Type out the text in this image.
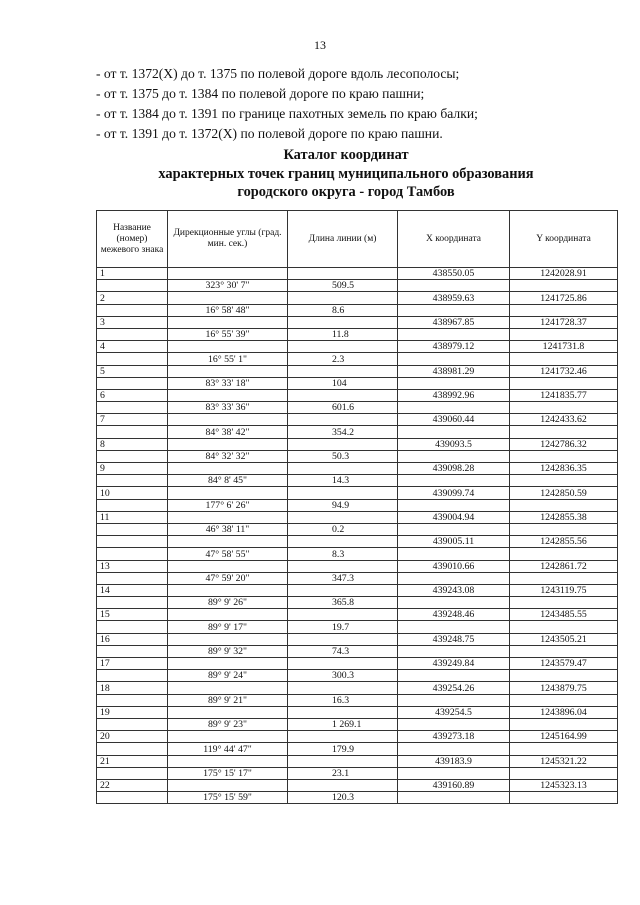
13
- от т. 1372(Х) до т. 1375 по полевой дороге вдоль лесополосы;
- от т. 1375 до т. 1384 по полевой дороге по краю пашни;
- от т. 1384 до т. 1391 по границе пахотных земель по краю балки;
- от т. 1391 до т. 1372(Х) по полевой дороге по краю пашни.
Каталог координат
характерных точек границ муниципального образования
городского округа - город Тамбов
Название (номер) межевого знака	Дирекционные углы (град. мин. сек.)	Длина линии (м)	X координата	Y координата
1			438550.05	1242028.91
	323° 30' 7"	509.5		
2			438959.63	1241725.86
	16° 58' 48"	8.6		
3			438967.85	1241728.37
	16° 55' 39"	11.8		
4			438979.12	1241731.8
	16° 55' 1"	2.3		
5			438981.29	1241732.46
	83° 33' 18"	104		
6			438992.96	1241835.77
	83° 33' 36"	601.6		
7			439060.44	1242433.62
	84° 38' 42"	354.2		
8			439093.5	1242786.32
	84° 32' 32"	50.3		
9			439098.28	1242836.35
	84° 8' 45"	14.3		
10			439099.74	1242850.59
	177° 6' 26"	94.9		
11			439004.94	1242855.38
	46° 38' 11"	0.2		
			439005.11	1242855.56
	47° 58' 55"	8.3		
13			439010.66	1242861.72
	47° 59' 20"	347.3		
14			439243.08	1243119.75
	89° 9' 26"	365.8		
15			439248.46	1243485.55
	89° 9' 17"	19.7		
16			439248.75	1243505.21
	89° 9' 32"	74.3		
17			439249.84	1243579.47
	89° 9' 24"	300.3		
18			439254.26	1243879.75
	89° 9' 21"	16.3		
19			439254.5	1243896.04
	89° 9' 23"	1 269.1		
20			439273.18	1245164.99
	119° 44' 47"	179.9		
21			439183.9	1245321.22
	175° 15' 17"	23.1		
22			439160.89	1245323.13
	175° 15' 59"	120.3		
